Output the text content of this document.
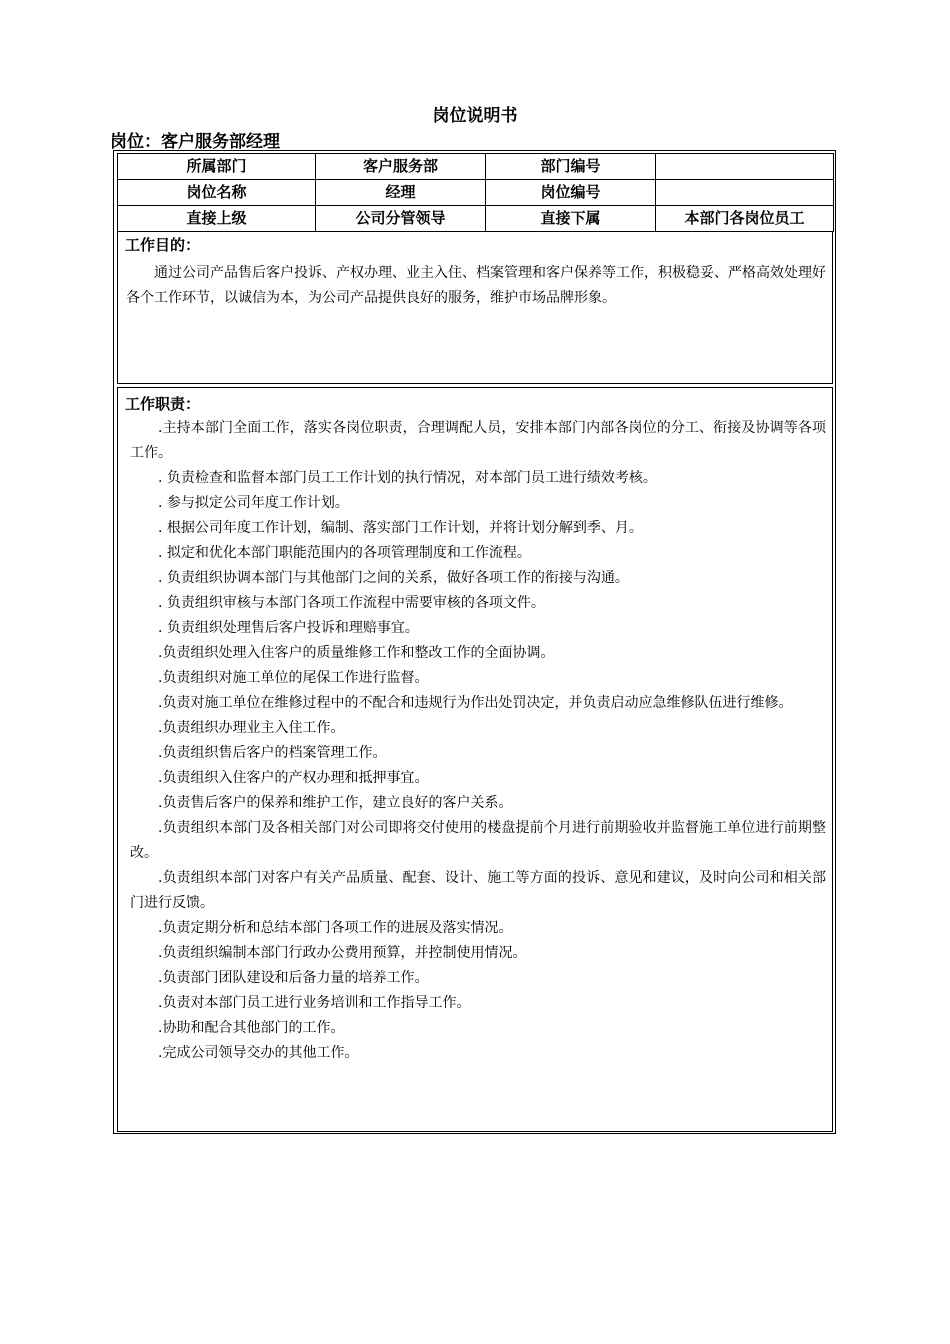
岗位说明书
岗位：客户服务部经理
所属部门	客户服务部	部门编号	
岗位名称	经理	岗位编号	
直接上级	公司分管领导	直接下属	本部门各岗位员工
工作目的：

通过公司产品售后客户投诉、产权办理、业主入住、档案管理和客户保养等工作，积极稳妥、严格高效处理好各个工作环节，以诚信为本，为公司产品提供良好的服务，维护市场品牌形象。

工作职责：
.主持本部门全面工作，落实各岗位职责，合理调配人员，安排本部门内部各岗位的分工、衔接及协调等各项工作。
. 负责检查和监督本部门员工工作计划的执行情况，对本部门员工进行绩效考核。
. 参与拟定公司年度工作计划。
. 根据公司年度工作计划，编制、落实部门工作计划，并将计划分解到季、月。
. 拟定和优化本部门职能范围内的各项管理制度和工作流程。
. 负责组织协调本部门与其他部门之间的关系，做好各项工作的衔接与沟通。
. 负责组织审核与本部门各项工作流程中需要审核的各项文件。
. 负责组织处理售后客户投诉和理赔事宜。
.负责组织处理入住客户的质量维修工作和整改工作的全面协调。
.负责组织对施工单位的尾保工作进行监督。
.负责对施工单位在维修过程中的不配合和违规行为作出处罚决定，并负责启动应急维修队伍进行维修。
.负责组织办理业主入住工作。
.负责组织售后客户的档案管理工作。
.负责组织入住客户的产权办理和抵押事宜。
.负责售后客户的保养和维护工作，建立良好的客户关系。
.负责组织本部门及各相关部门对公司即将交付使用的楼盘提前个月进行前期验收并监督施工单位进行前期整改。
.负责组织本部门对客户有关产品质量、配套、设计、施工等方面的投诉、意见和建议，及时向公司和相关部门进行反馈。
.负责定期分析和总结本部门各项工作的进展及落实情况。
.负责组织编制本部门行政办公费用预算，并控制使用情况。
.负责部门团队建设和后备力量的培养工作。
.负责对本部门员工进行业务培训和工作指导工作。
.协助和配合其他部门的工作。
.完成公司领导交办的其他工作。
